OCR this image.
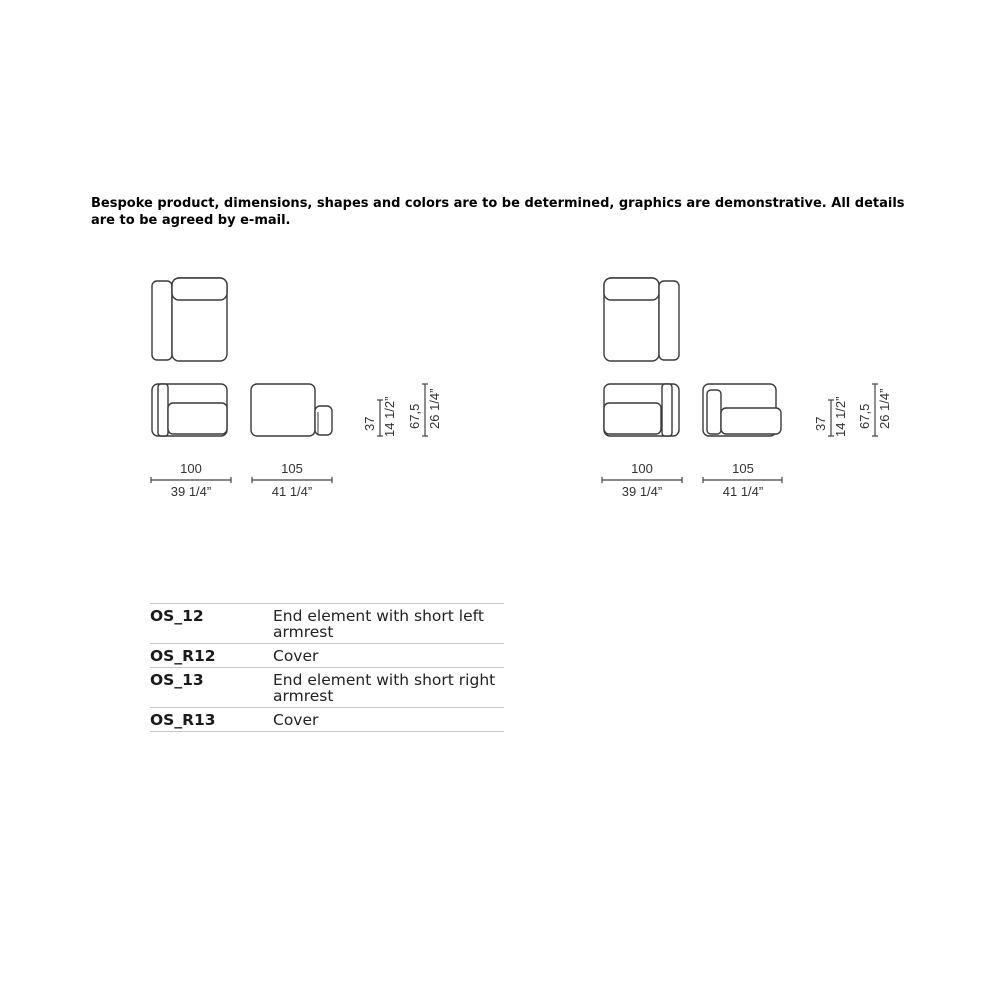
Bespoke product, dimensions, shapes and colors are to be determined, graphics are demonstrative. All details are to be agreed by e-mail.

100
39 1/4”
105
41 1/4”
37 14 1/2” 67,5 26 1/4”
100
39 1/4”
105
41 1/4”
37 14 1/2” 67,5 26 1/4”
OS_12	End element with short left armrest
OS_R12	Cover
OS_13	End element with short right armrest
OS_R13	Cover
